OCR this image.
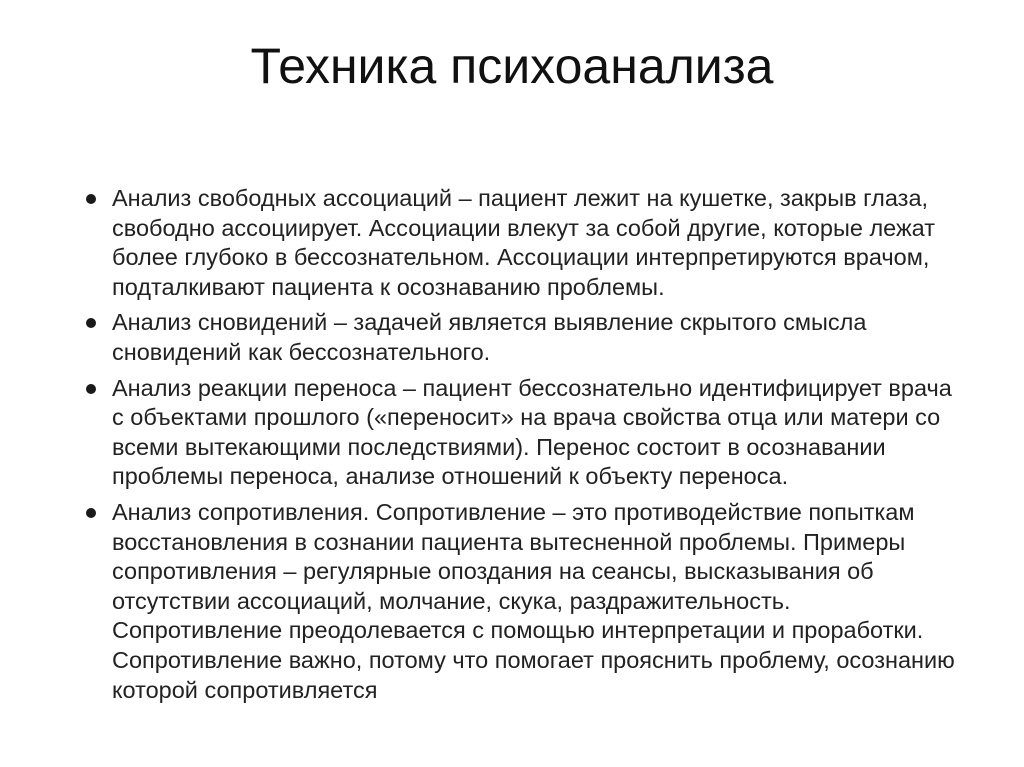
Техника психоанализа
Анализ свободных ассоциаций – пациент лежит на кушетке, закрыв глаза, свободно ассоциирует. Ассоциации влекут за собой другие, которые лежат более глубоко в бессознательном. Ассоциации интерпретируются врачом, подталкивают пациента к осознаванию проблемы.
Анализ сновидений – задачей является выявление скрытого смысла сновидений как бессознательного.
Анализ реакции переноса – пациент бессознательно идентифицирует врача с объектами прошлого («переносит» на врача свойства отца или матери со всеми вытекающими последствиями). Перенос состоит в осознавании проблемы переноса, анализе отношений к объекту переноса.
Анализ сопротивления. Сопротивление – это противодействие попыткам восстановления в сознании пациента вытесненной проблемы. Примеры сопротивления – регулярные опоздания на сеансы, высказывания об отсутствии ассоциаций, молчание, скука, раздражительность. Сопротивление преодолевается с помощью интерпретации и проработки. Сопротивление важно, потому что помогает прояснить проблему, осознанию которой сопротивляется
